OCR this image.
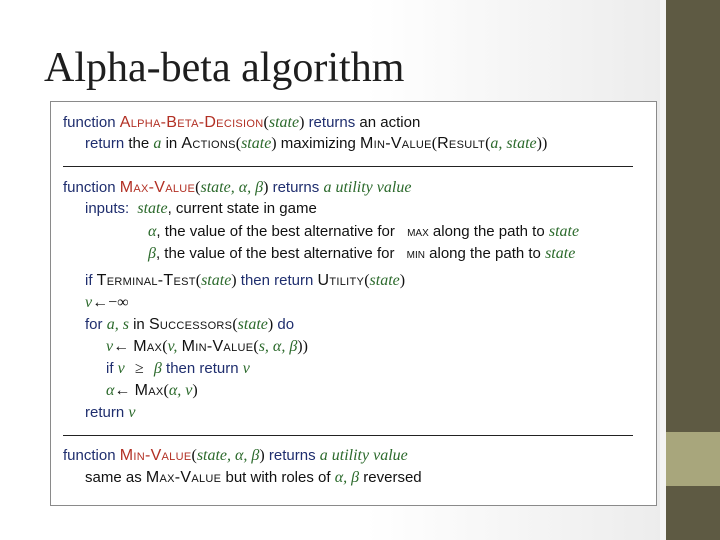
Alpha-beta algorithm
function Alpha-Beta-Decision(state) returns an action
return the a in Actions(state) maximizing Min-Value(Result(a, state))
function Max-Value(state, α, β) returns a utility value
inputs: state, current state in game
α, the value of the best alternative for max along the path to state
β, the value of the best alternative for min along the path to state
if Terminal-Test(state) then return Utility(state)
v←−∞
for a, s in Successors(state) do
v← Max(v, Min-Value(s, α, β))
if v ≥ β then return v
α← Max(α, v)
return v
function Min-Value(state, α, β) returns a utility value
same as Max-Value but with roles of α, β reversed
